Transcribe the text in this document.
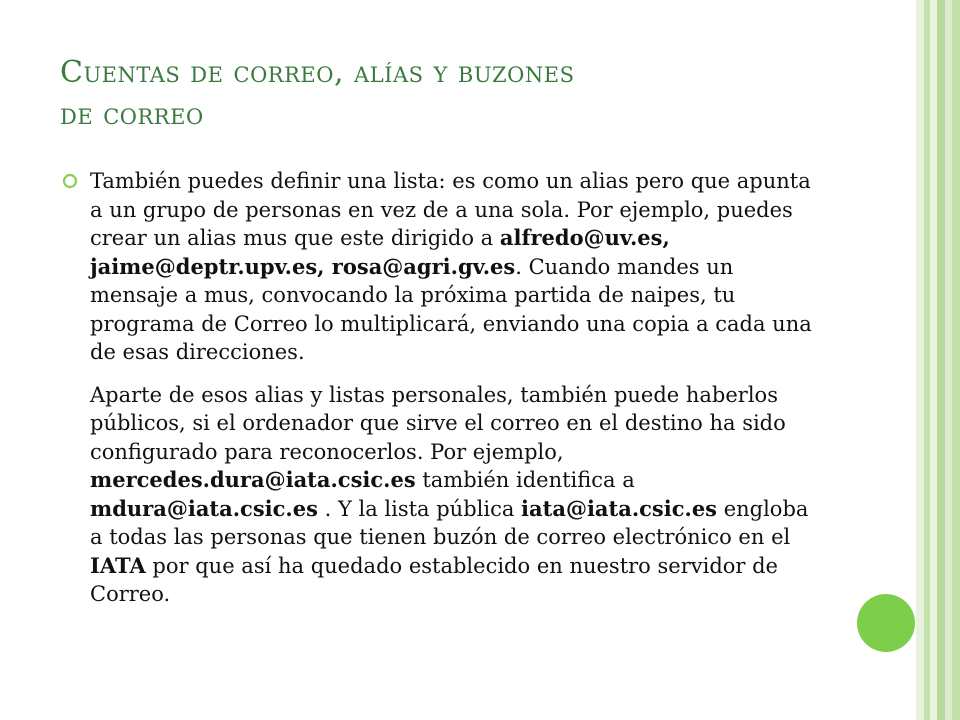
Cuentas de correo, alías y buzones
de correo

También puedes definir una lista: es como un alias pero que apunta a un grupo de personas en vez de a una sola. Por ejemplo, puedes crear un alias mus que este dirigido a alfredo@uv.es, jaime@deptr.upv.es, rosa@agri.gv.es. Cuando mandes un mensaje a mus, convocando la próxima partida de naipes, tu programa de Correo lo multiplicará, enviando una copia a cada una de esas direcciones.

Aparte de esos alias y listas personales, también puede haberlos públicos, si el ordenador que sirve el correo en el destino ha sido configurado para reconocerlos. Por ejemplo, mercedes.dura@iata.csic.es también identifica a mdura@iata.csic.es . Y la lista pública iata@iata.csic.es engloba a todas las personas que tienen buzón de correo electrónico en el IATA por que así ha quedado establecido en nuestro servidor de Correo.
